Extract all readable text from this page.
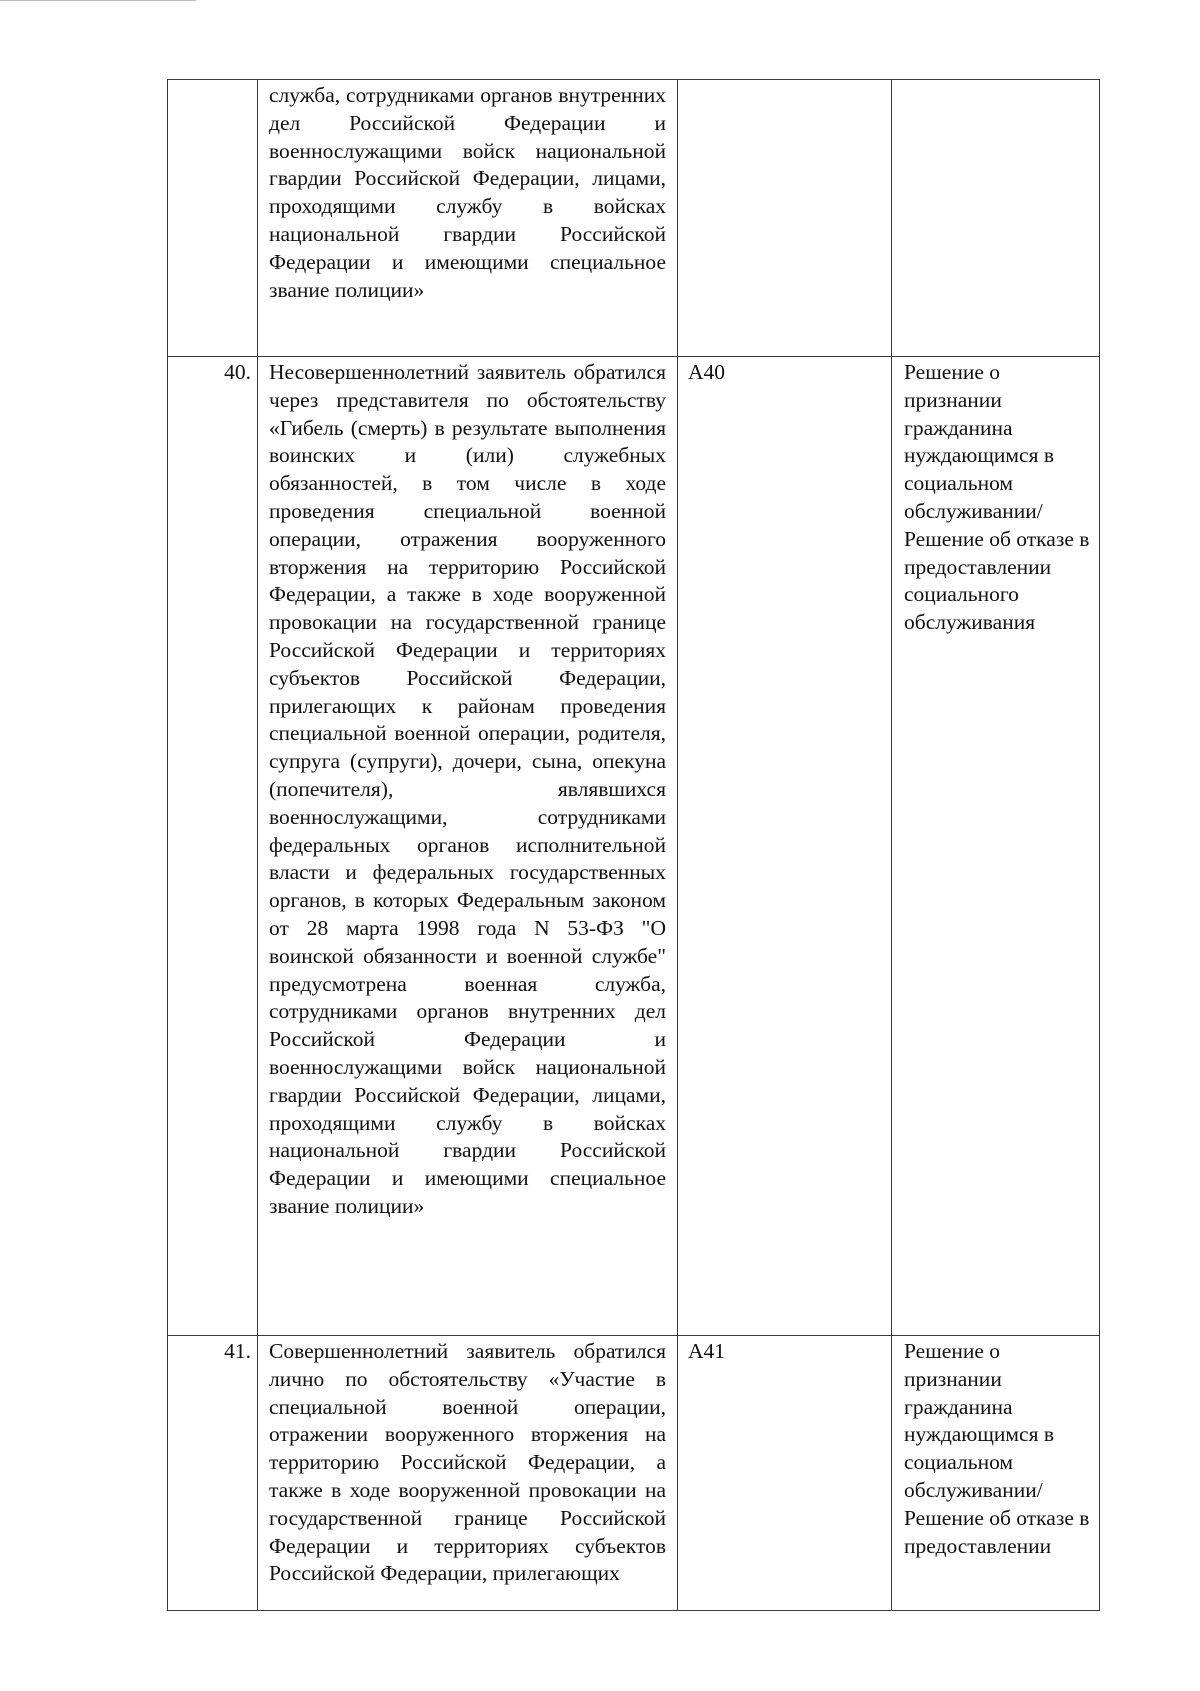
	служба, сотрудниками органов внутренних дел Российской Федерации и военнослужащими войск национальной гвардии Российской Федерации, лицами, проходящими службу в войсках национальной гвардии Российской Федерации и имеющими специальное звание полиции»		

40.	Несовершеннолетний заявитель обратился через представителя по обстоятельству «Гибель (смерть) в результате выполнения воинских и (или) служебных обязанностей, в том числе в ходе проведения специальной военной операции, отражения вооруженного вторжения на территорию Российской Федерации, а также в ходе вооруженной провокации на государственной границе Российской Федерации и территориях субъектов Российской Федерации, прилегающих к районам проведения специальной военной операции, родителя, супруга (супруги), дочери, сына, опекуна (попечителя), являвшихся военнослужащими, сотрудниками федеральных органов исполнительной власти и федеральных государственных органов, в которых Федеральным законом от 28 марта 1998 года N 53-ФЗ "О воинской обязанности и военной службе" предусмотрена военная служба, сотрудниками органов внутренних дел Российской Федерации и военнослужащими войск национальной гвардии Российской Федерации, лицами, проходящими службу в войсках национальной гвардии Российской Федерации и имеющими специальное звание полиции»	А40	Решение о признании гражданина нуждающимся в социальном обслуживании/ Решение об отказе в предоставлении социального обслуживания
41.	Совершеннолетний заявитель обратился лично по обстоятельству «Участие в специальной военной операции, отражении вооруженного вторжения на территорию Российской Федерации, а также в ходе вооруженной провокации на государственной границе Российской Федерации и территориях субъектов Российской Федерации, прилегающих	А41	Решение о признании гражданина нуждающимся в социальном обслуживании/ Решение об отказе в предоставлении
